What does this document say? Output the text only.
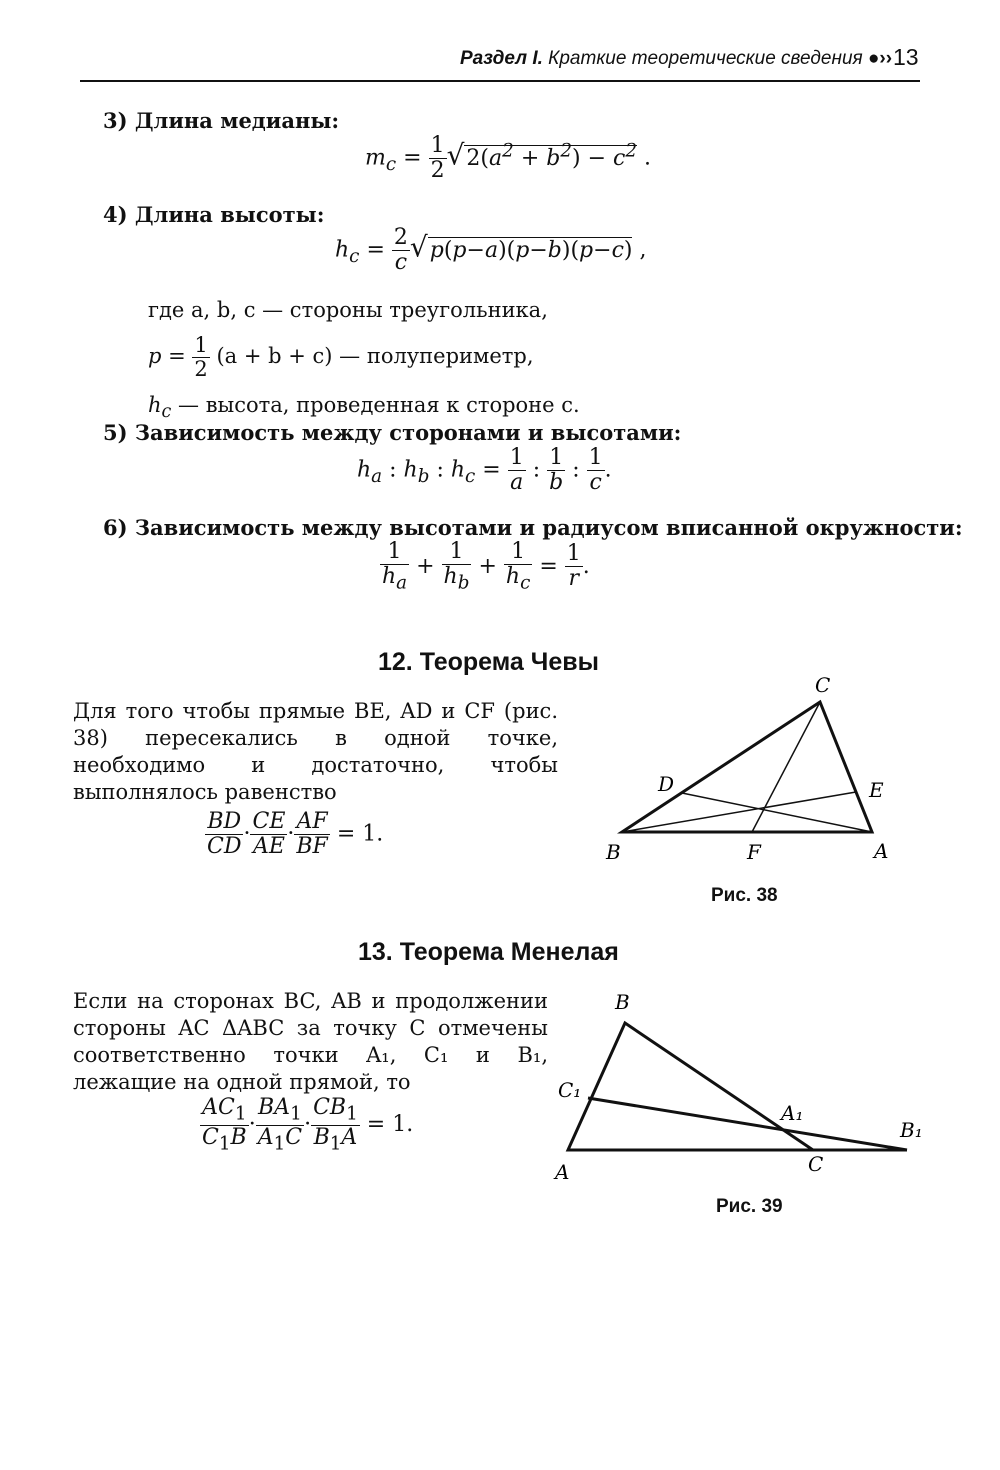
Раздел I. Краткие теоретические сведения ●›› 13
3) Длина медианы:
$m_c = \frac{1}{2} √2(a^2 + b^2) - c^2$ .
4) Длина высоты:
$h_c = \frac{2}{c} √p(p-a)(p-b)(p-c)$ ,
где a, b, c — стороны треугольника,
$p = \frac{1}{2} (a + b + c)$ — полупериметр,
$h_c$ — высота, проведенная к стороне c.
5) Зависимость между сторонами и высотами:
$h_a$ : $h_b$ : $h_c = \frac{1}{a}$ : $\frac{1}{b}$ : $\frac{1}{c}$ .
6) Зависимость между высотами и радиусом вписанной окружности:
$\frac{1}{h_a} + \frac{1}{h_b} + \frac{1}{h_c} = \frac{1}{r}$ .
12. Теорема Чевы
Для того чтобы прямые BE, AD и CF (рис. 38) пересекались в одной точке, необходимо и достаточно, чтобы выполнялось равенство
$\frac{BD}{CD} \cdot \frac{CE}{AE} \cdot \frac{AF}{BF} = 1$.
C
D	E
B	F	A
Рис. 38
13. Теорема Менелая
Если на сторонах BC, AB и продолжении стороны AC ΔABC за точку C отмечены соответственно точки A₁, C₁ и B₁, лежащие на одной прямой, то
$\frac{AC_1}{C_1B} \cdot \frac{BA_1}{A_1C} \cdot \frac{CB_1}{B_1A} = 1$.
B
C₁
A₁
B₁
A	C
Рис. 39
